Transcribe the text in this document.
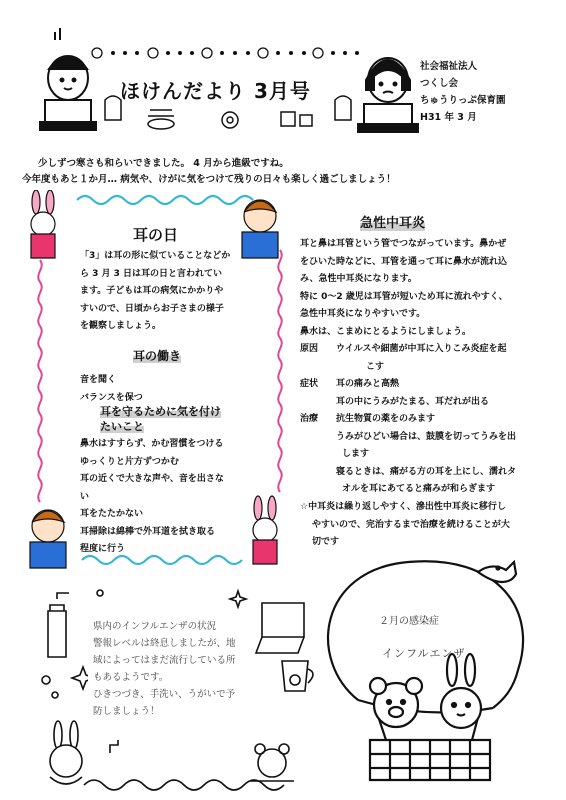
ほけんだより 3月号
社会福祉法人
つくし会
ちゅうりっぷ保育園
H31 年 3 月
少しずつ寒さも和らいできました。 4 月から進級ですね。
今年度もあと１か月… 病気や、けがに気をつけて残りの日々も楽しく過ごしましょう！
耳の日
「3」は耳の形に似ていることなどか
ら 3 月 3 日は耳の日と言われてい
ます。子どもは耳の病気にかかりや
すいので、日頃からお子さまの様子
を観察しましょう。
耳の働き
音を聞く
バランスを保つ
耳を守るために気を付け
たいこと
鼻水はすすらず、かむ習慣をつける
ゆっくりと片方ずつかむ
耳の近くで大きな声や、音を出さな
い
耳をたたかない
耳掃除は綿棒で外耳道を拭き取る
程度に行う
急性中耳炎
耳と鼻は耳管という管でつながっています。鼻かぜ
をひいた時などに、耳管を通って耳に鼻水が流れ込
み、急性中耳炎になります。
特に 0～2 歳児は耳管が短いため耳に流れやすく、
急性中耳炎になりやすいです。
鼻水は、こまめにとるようにしましょう。
原因 ウイルスや細菌が中耳に入りこみ炎症を起
こす
症状 耳の痛みと高熱
耳の中にうみがたまる、耳だれが出る
治療 抗生物質の薬をのみます
うみがひどい場合は、鼓膜を切ってうみを出
します
寝るときは、痛がる方の耳を上にし、濡れタ
オルを耳にあてると痛みが和らぎます
☆中耳炎は繰り返しやすく、滲出性中耳炎に移行し
やすいので、完治するまで治療を続けることが大
切です
県内のインフルエンザの状況
警報レベルは終息しましたが、地
域によってはまだ流行している所
もあるようです。
ひきつづき、手洗い、うがいで予
防しましょう！
２月の感染症
インフルエンザ
